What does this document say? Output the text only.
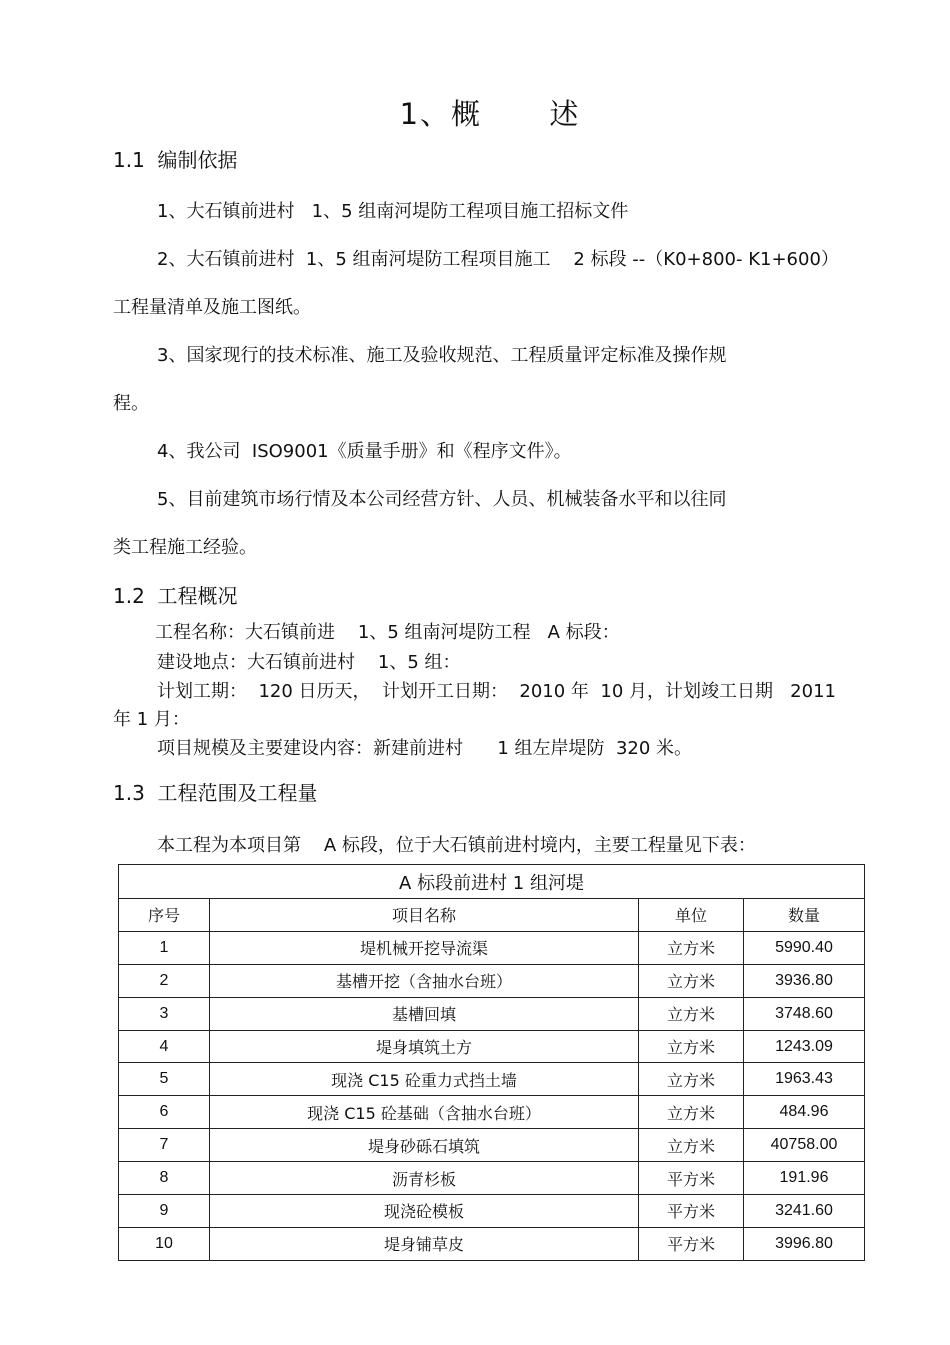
1、概      述
1.1  编制依据
1、大石镇前进村   1、5 组南河堤防工程项目施工招标文件
2、大石镇前进村  1、5 组南河堤防工程项目施工    2 标段 --（K0+800- K1+600）
工程量清单及施工图纸。
3、国家现行的技术标准、施工及验收规范、工程质量评定标准及操作规
程。
4、我公司  ISO9001《质量手册》和《程序文件》。
5、目前建筑市场行情及本公司经营方针、人员、机械装备水平和以往同
类工程施工经验。
1.2  工程概况
工程名称：大石镇前进    1、5 组南河堤防工程   A 标段：
建设地点：大石镇前进村    1、5 组：
计划工期：  120 日历天，  计划开工日期：  2010 年  10 月，计划竣工日期   2011
年 1 月：
项目规模及主要建设内容：新建前进村      1 组左岸堤防  320 米。
1.3  工程范围及工程量
本工程为本项目第    A 标段，位于大石镇前进村境内，主要工程量见下表：
A 标段前进村 1 组河堤			
序号	项目名称	单位	数量
1	堤机械开挖导流渠	立方米	5990.40
2	基槽开挖（含抽水台班）	立方米	3936.80
3	基槽回填	立方米	3748.60
4	堤身填筑土方	立方米	1243.09
5	现浇 C15 砼重力式挡土墙	立方米	1963.43
6	现浇 C15 砼基础（含抽水台班）	立方米	484.96
7	堤身砂砾石填筑	立方米	40758.00
8	沥青杉板	平方米	191.96
9	现浇砼模板	平方米	3241.60
10	堤身铺草皮	平方米	3996.80
